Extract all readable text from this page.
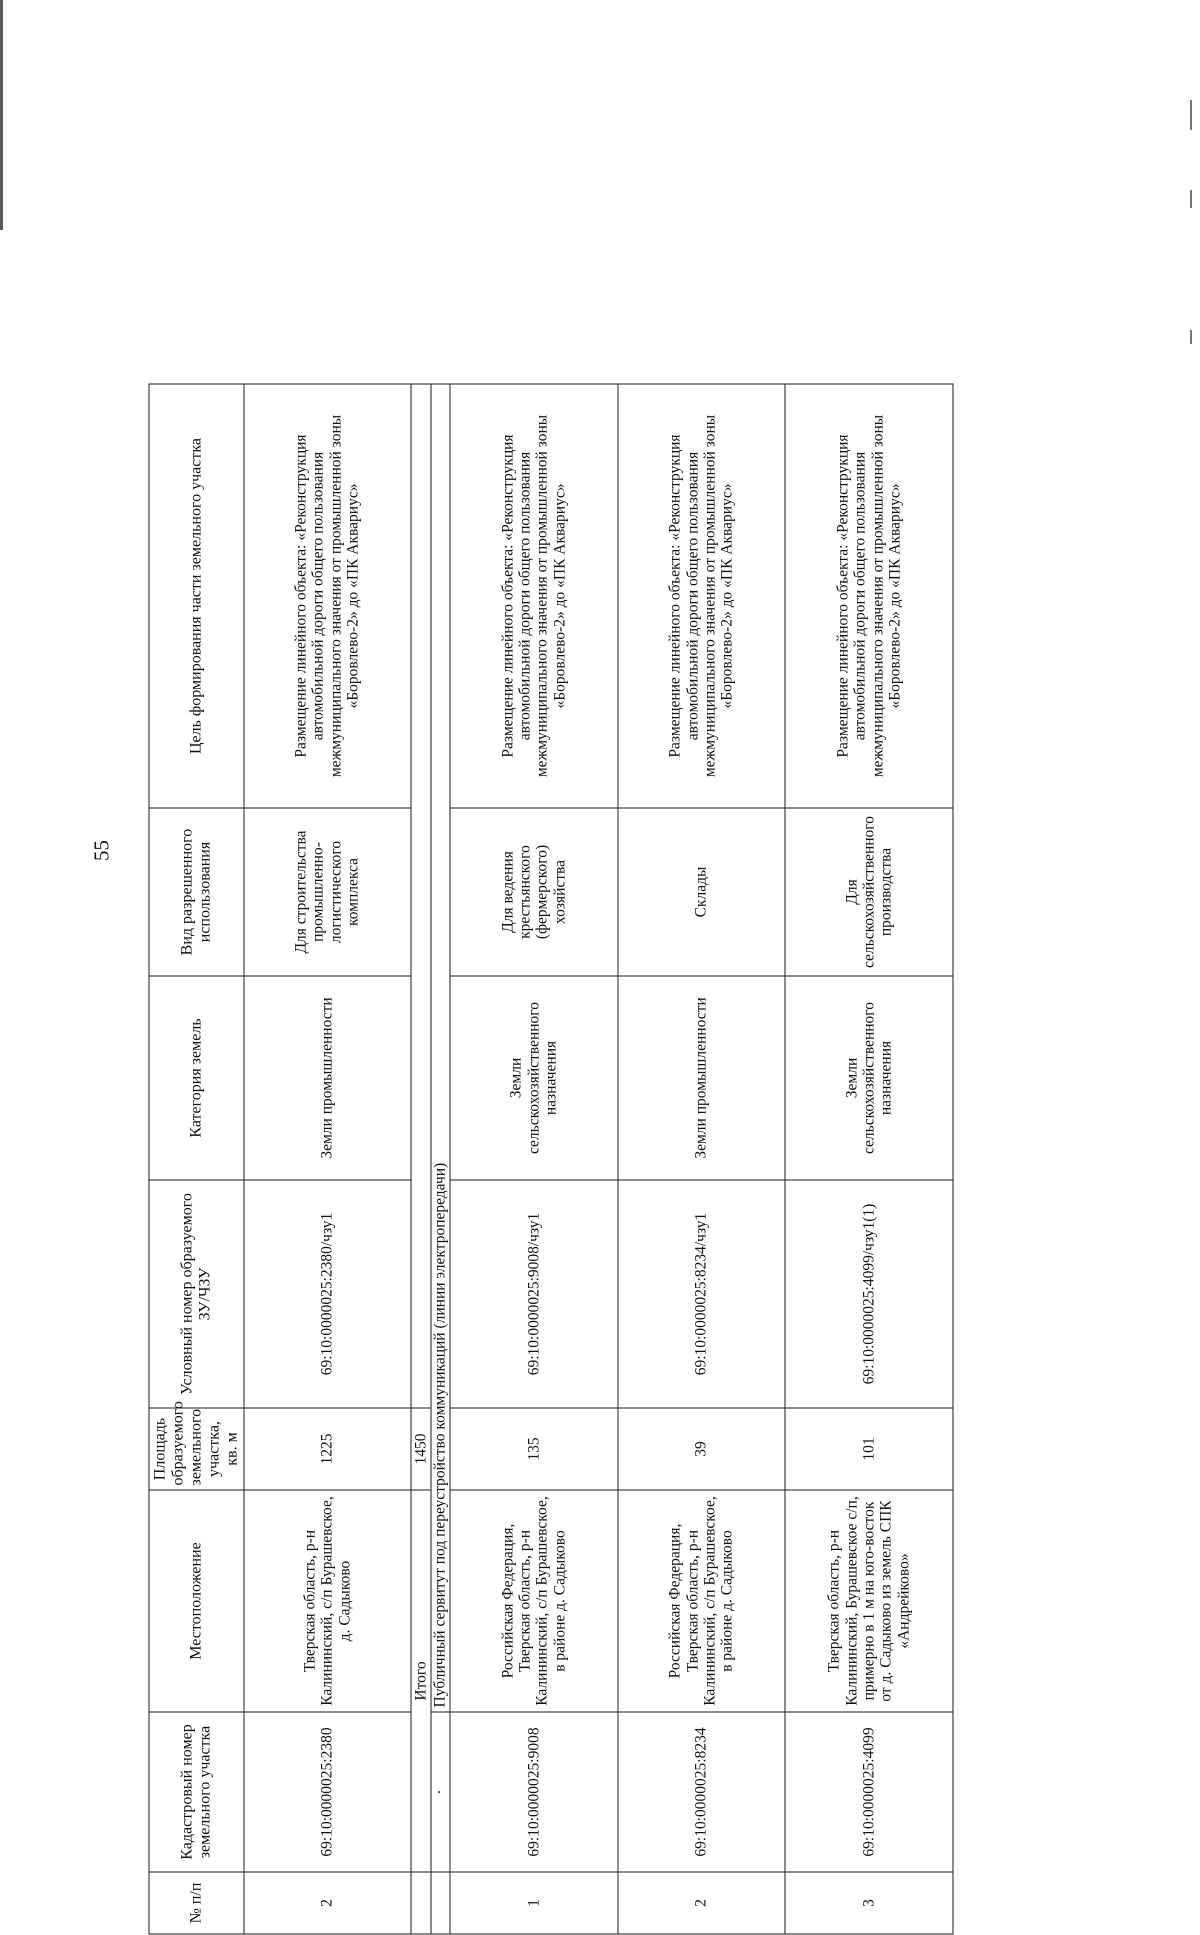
55
№ п/п	Кадастровый номер земельного участка	Местоположение	Площадь образуемого земельного участка, кв. м	Условный номер образуемого ЗУ/ЧЗУ	Категория земель	Вид разрешенного использования	Цель формирования части земельного участка
2	69:10:0000025:2380	Тверская область, р-н Калининский, с/п Бурашевское, д. Садыково	1225	69:10:0000025:2380/чзу1	Земли промышленности	Для строительства промышленно-логистического комплекса	Размещение линейного объекта: «Реконструкция автомобильной дороги общего пользования межмуниципального значения от промышленной зоны «Боровлево-2» до «ПК Аквариус»
	Итого		1450				
	·	Публичный сервитут под переустройство коммуникаций (линии электропередачи)					
1	69:10:0000025:9008	Российская Федерация, Тверская область, р-н Калининский, с/п Бурашевское, в районе д. Садыково	135	69:10:0000025:9008/чзу1	Земли сельскохозяйственного назначения	Для ведения крестьянского (фермерского) хозяйства	Размещение линейного объекта: «Реконструкция автомобильной дороги общего пользования межмуниципального значения от промышленной зоны «Боровлево-2» до «ПК Аквариус»
2	69:10:0000025:8234	Российская Федерация, Тверская область, р-н Калининский, с/п Бурашевское, в районе д. Садыково	39	69:10:0000025:8234/чзу1	Земли промышленности	Склады	Размещение линейного объекта: «Реконструкция автомобильной дороги общего пользования межмуниципального значения от промышленной зоны «Боровлево-2» до «ПК Аквариус»
3	69:10:0000025:4099	Тверская область, р-н Калининский, Бурашевское с/п, примерно в 1 м на юго-восток от д. Садыково из земель СПК «Андрейково»	101	69:10:0000025:4099/чзу1(1)	Земли сельскохозяйственного назначения	Для сельскохозяйственного производства	Размещение линейного объекта: «Реконструкция автомобильной дороги общего пользования межмуниципального значения от промышленной зоны «Боровлево-2» до «ПК Аквариус»
